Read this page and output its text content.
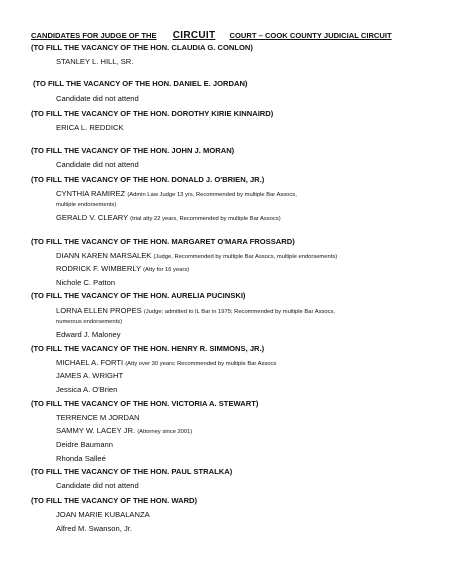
CANDIDATES FOR JUDGE OF THE CIRCUIT COURT – COOK COUNTY JUDICIAL CIRCUIT
(TO FILL THE VACANCY OF THE HON. CLAUDIA G. CONLON)
STANLEY L. HILL, SR.
(TO FILL THE VACANCY OF THE HON. DANIEL E. JORDAN)
Candidate did not attend
(TO FILL THE VACANCY OF THE HON. DOROTHY KIRIE KINNAIRD)
ERICA L. REDDICK
(TO FILL THE VACANCY OF THE HON. JOHN J. MORAN)
Candidate did not attend
(TO FILL THE VACANCY OF THE HON. DONALD J. O'BRIEN, JR.)
CYNTHIA RAMIREZ (Admin Law Judge 13 yrs, Recommended by multiple Bar Assocs,
multiple endorsements)
GERALD V. CLEARY (trial atty 22 years, Recommended by multiple Bar Assocs)
(TO FILL THE VACANCY OF THE HON. MARGARET O'MARA FROSSARD)
DIANN KAREN MARSALEK (Judge, Recommended by multiple Bar Assocs, multiple endorsements)
RODRICK F. WIMBERLY (Atty for 16 years)
Nichole C. Patton
(TO FILL THE VACANCY OF THE HON. AURELIA PUCINSKI)
LORNA ELLEN PROPES (Judge; admitted to IL Bar in 1975; Recommended by multiple Bar Assocs,
numerous endorsements)
Edward J. Maloney
(TO FILL THE VACANCY OF THE HON. HENRY R. SIMMONS, JR.)
MICHAEL A. FORTI (Atty over 30 years; Recommended by multiple Bar Assocs
JAMES A. WRIGHT
Jessica A. O'Brien
(TO FILL THE VACANCY OF THE HON. VICTORIA A. STEWART)
TERRENCE M JORDAN
SAMMY W. LACEY JR. (Attorney since 2001)
Deidre Baumann
Rhonda Salleé
(TO FILL THE VACANCY OF THE HON. PAUL STRALKA)
Candidate did not attend
(TO FILL THE VACANCY OF THE HON. WARD)
JOAN MARIE KUBALANZA
Alfred M. Swanson, Jr.
